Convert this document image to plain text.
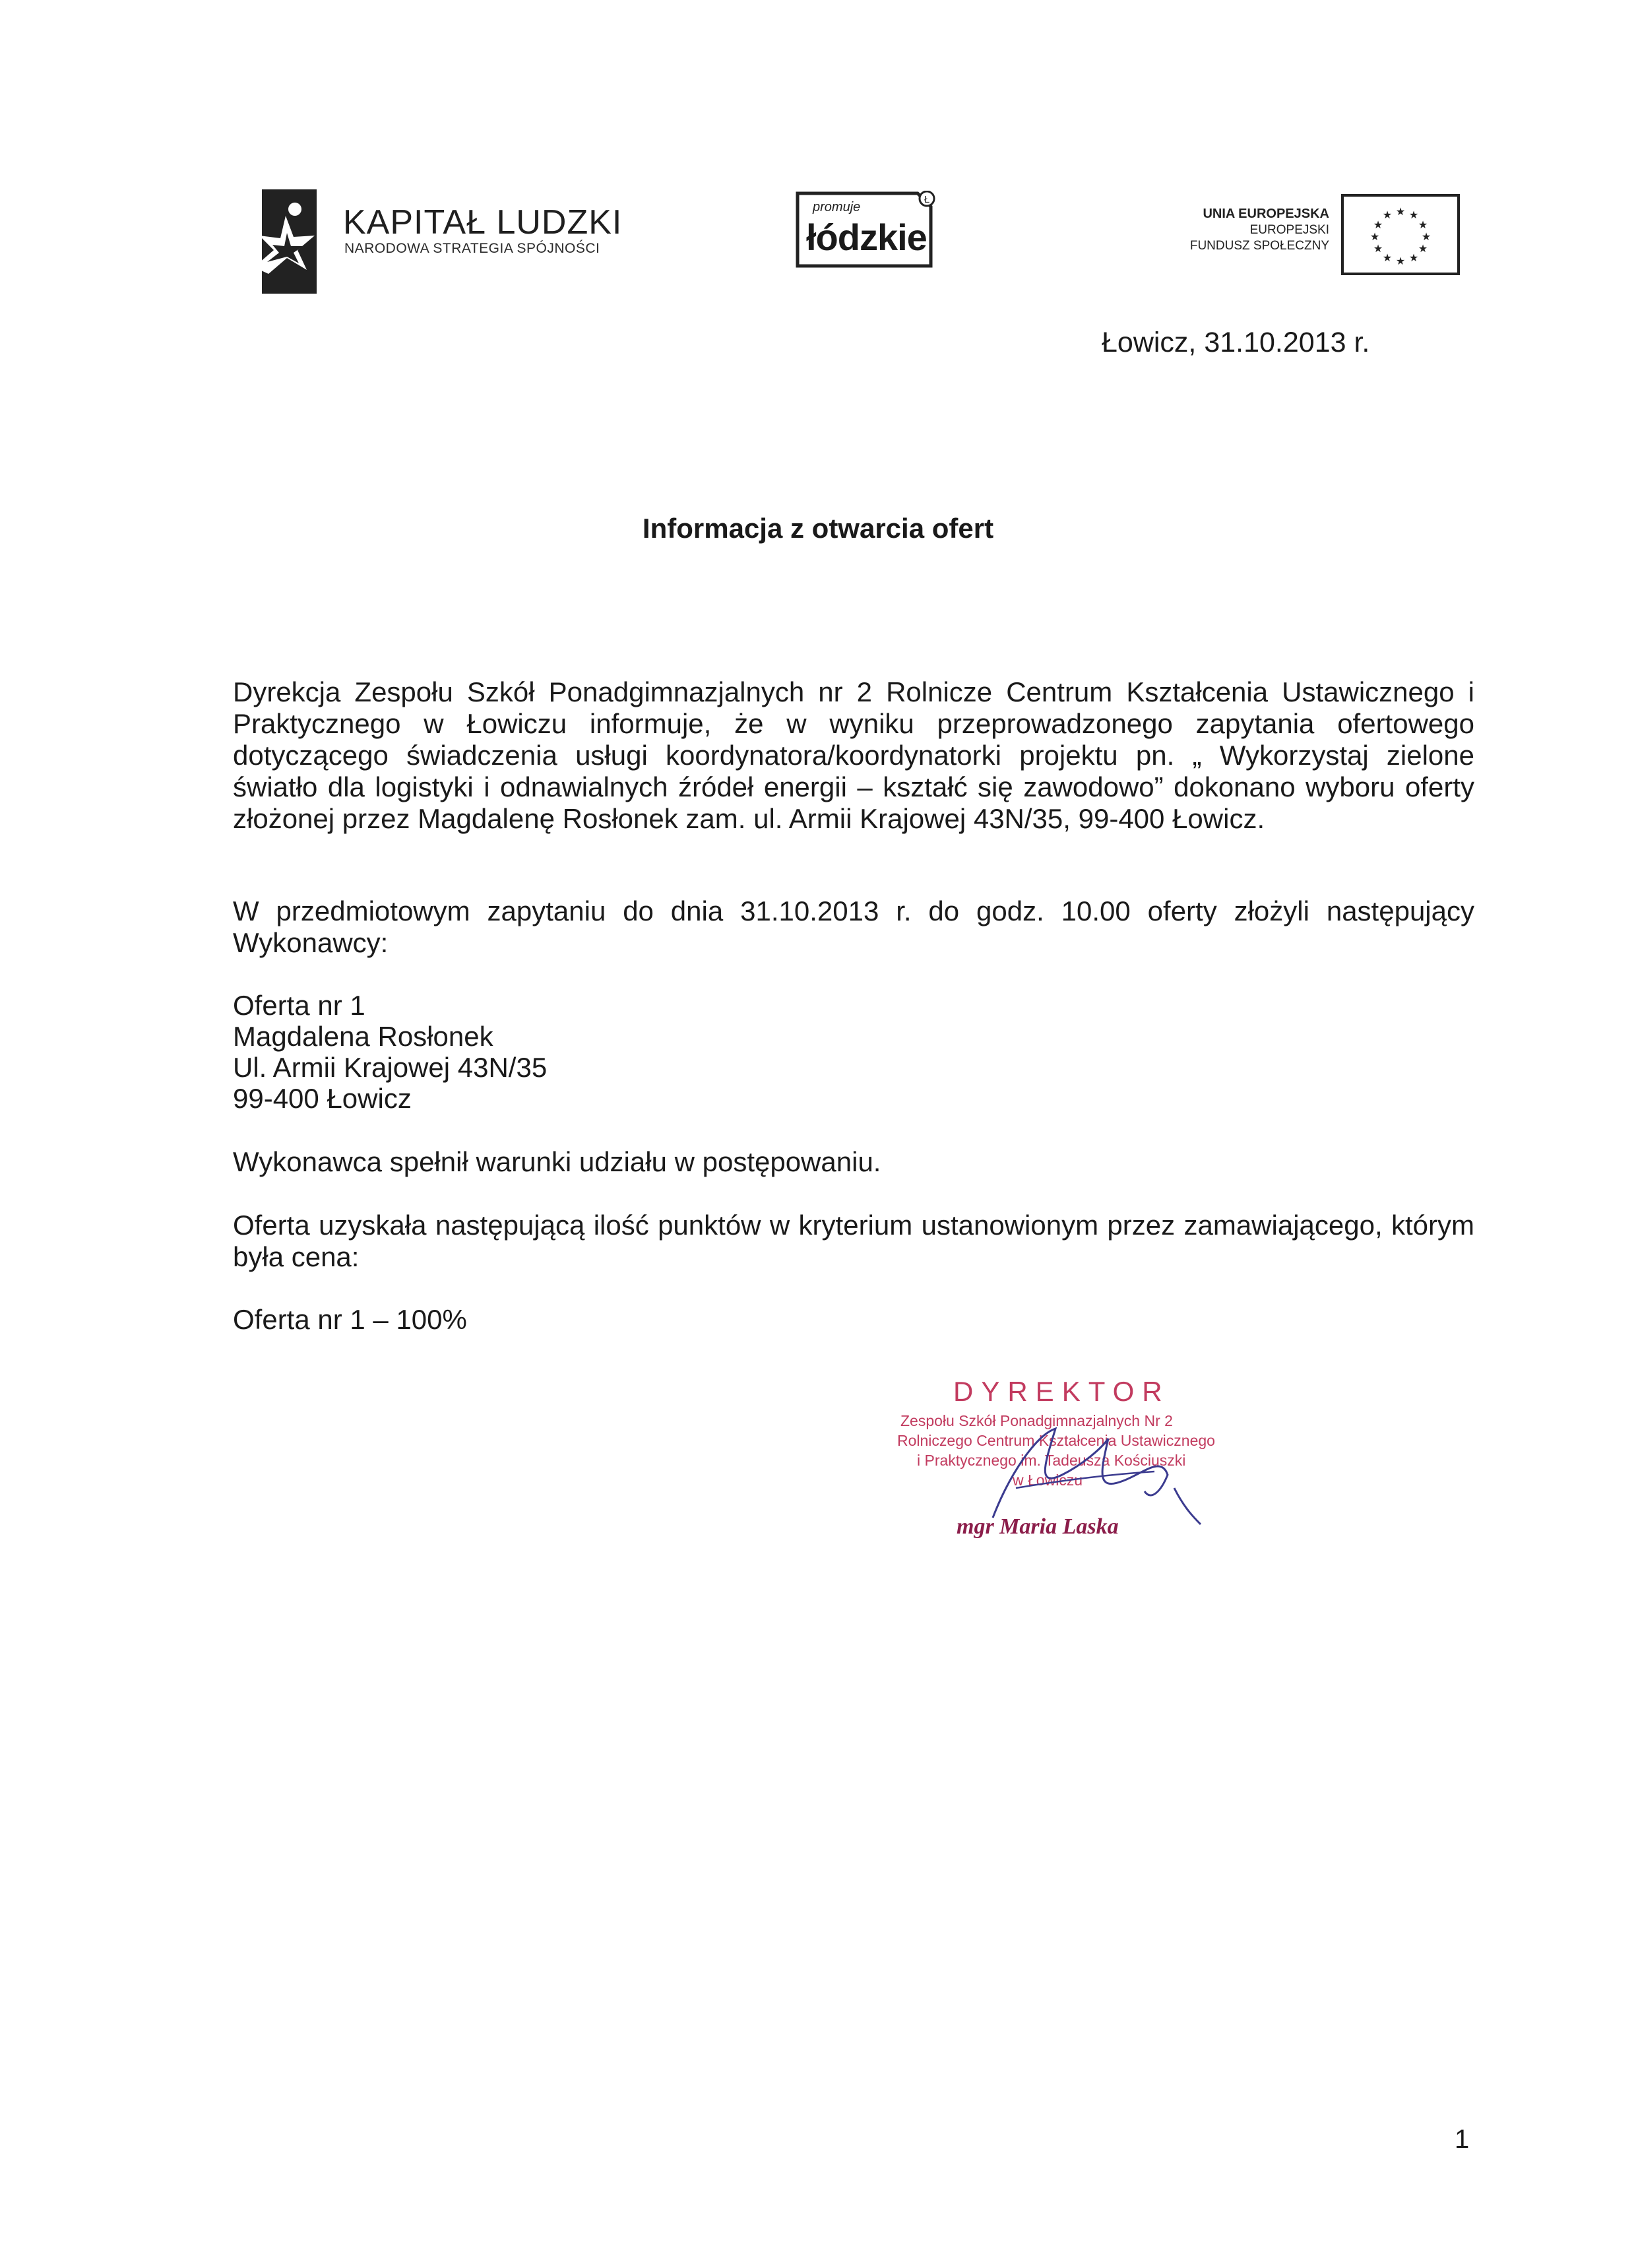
KAPITAŁ LUDZKI
NARODOWA STRATEGIA SPÓJNOŚCI
Ł
promuje
łódzkie
UNIA EUROPEJSKA
EUROPEJSKI
FUNDUSZ SPOŁECZNY
★ ★
★
★
★
★
★
★
★
★
★
★
Łowicz, 31.10.2013 r.
Informacja z otwarcia ofert
Dyrekcja Zespołu Szkół Ponadgimnazjalnych nr 2 Rolnicze Centrum Kształcenia Ustawicznego i Praktycznego w Łowiczu informuje, że w wyniku przeprowadzonego zapytania ofertowego dotyczącego świadczenia usługi koordynatora/koordynatorki projektu pn. „ Wykorzystaj zielone światło dla logistyki i odnawialnych źródeł energii – kształć się zawodowo” dokonano wyboru oferty złożonej przez Magdalenę Rosłonek zam. ul. Armii Krajowej 43N/35, 99-400 Łowicz.
W przedmiotowym zapytaniu do dnia 31.10.2013 r. do godz. 10.00 oferty złożyli następujący Wykonawcy:
Oferta nr 1
Magdalena Rosłonek
Ul. Armii Krajowej 43N/35
99-400 Łowicz
Wykonawca spełnił warunki udziału w postępowaniu.
Oferta uzyskała następującą ilość punktów w kryterium ustanowionym przez zamawiającego, którym była cena:
Oferta nr 1 – 100%
DYREKTOR
Zespołu Szkół Ponadgimnazjalnych Nr 2
Rolniczego Centrum Kształcenia Ustawicznego
i Praktycznego im. Tadeusza Kościuszki
w Łowiczu
mgr Maria Laska
1
